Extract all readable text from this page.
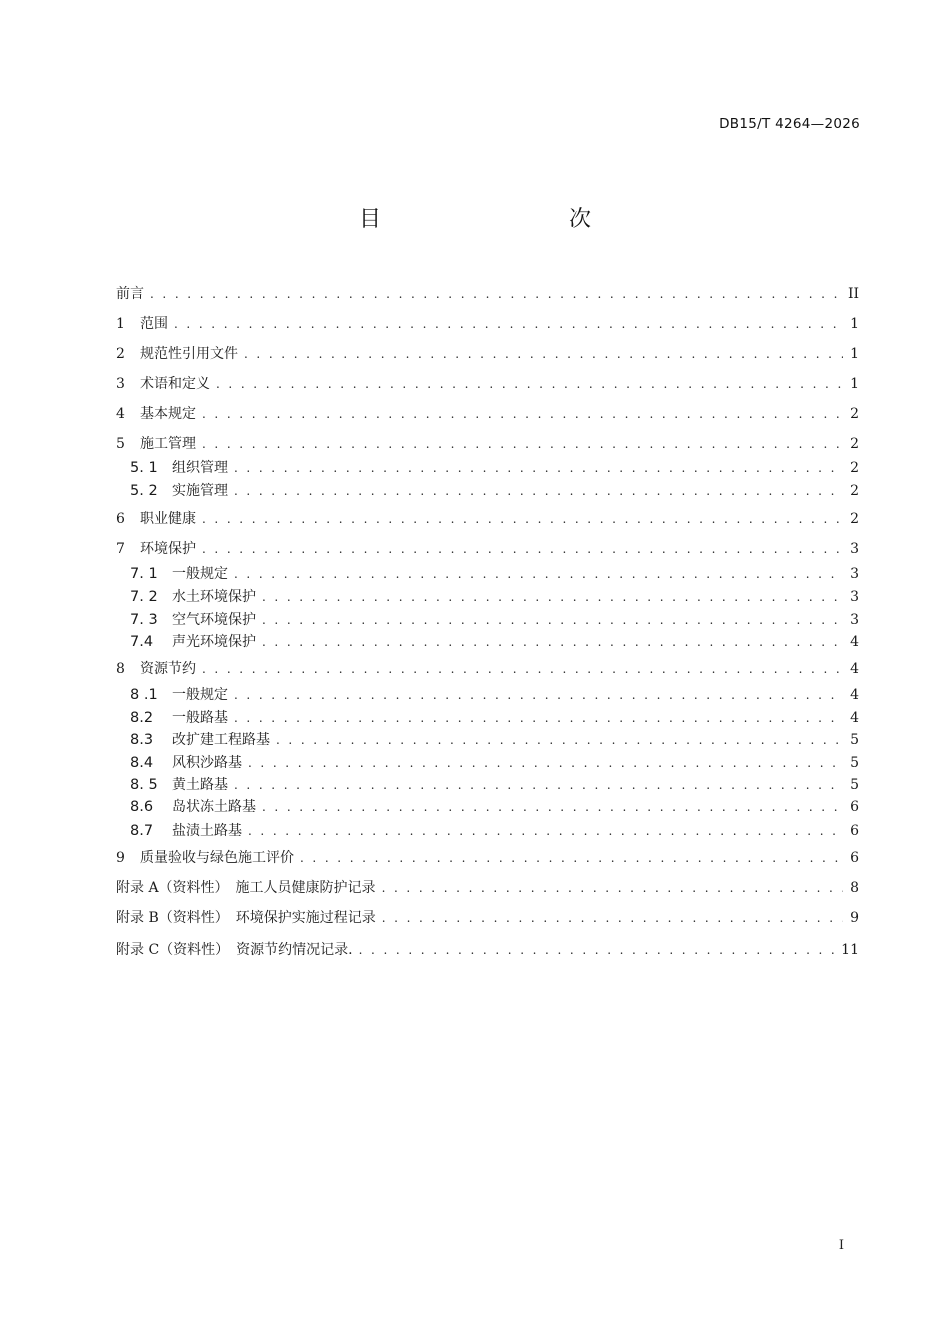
DB15/T 4264—2026
目　　次
前言 . . .	II
1	范围 . . .	1
2	规范性引用文件 . . .	1
3	术语和定义 . . .	1
4	基本规定 . . .	2
5	施工管理 . . .	2
5. 1	组织管理 . . .	2
5. 2	实施管理 . . .	2
6	职业健康 . . .	2
7	环境保护 . . .	3
7. 1	一般规定 . . .	3
7. 2	水土环境保护 . . .	3
7. 3	空气环境保护 . . .	3
7.4	声光环境保护 . . .	4
8	资源节约 . . .	4
8 .1	一般规定 . . .	4
8.2	一般路基 . . .	4
8.3	改扩建工程路基 . . .	5
8.4	风积沙路基 . . .	5
8. 5	黄土路基 . . .	5
8.6	岛状冻土路基 . . .	6
8.7	盐渍土路基 . . .	6
9	质量验收与绿色施工评价 . . .	6
附录 A（资料性）　施工人员健康防护记录 . . .	8
附录 B（资料性）　环境保护实施过程记录 . . .	9
附录 C（资料性）　资源节约情况记录. . . .	11
I
